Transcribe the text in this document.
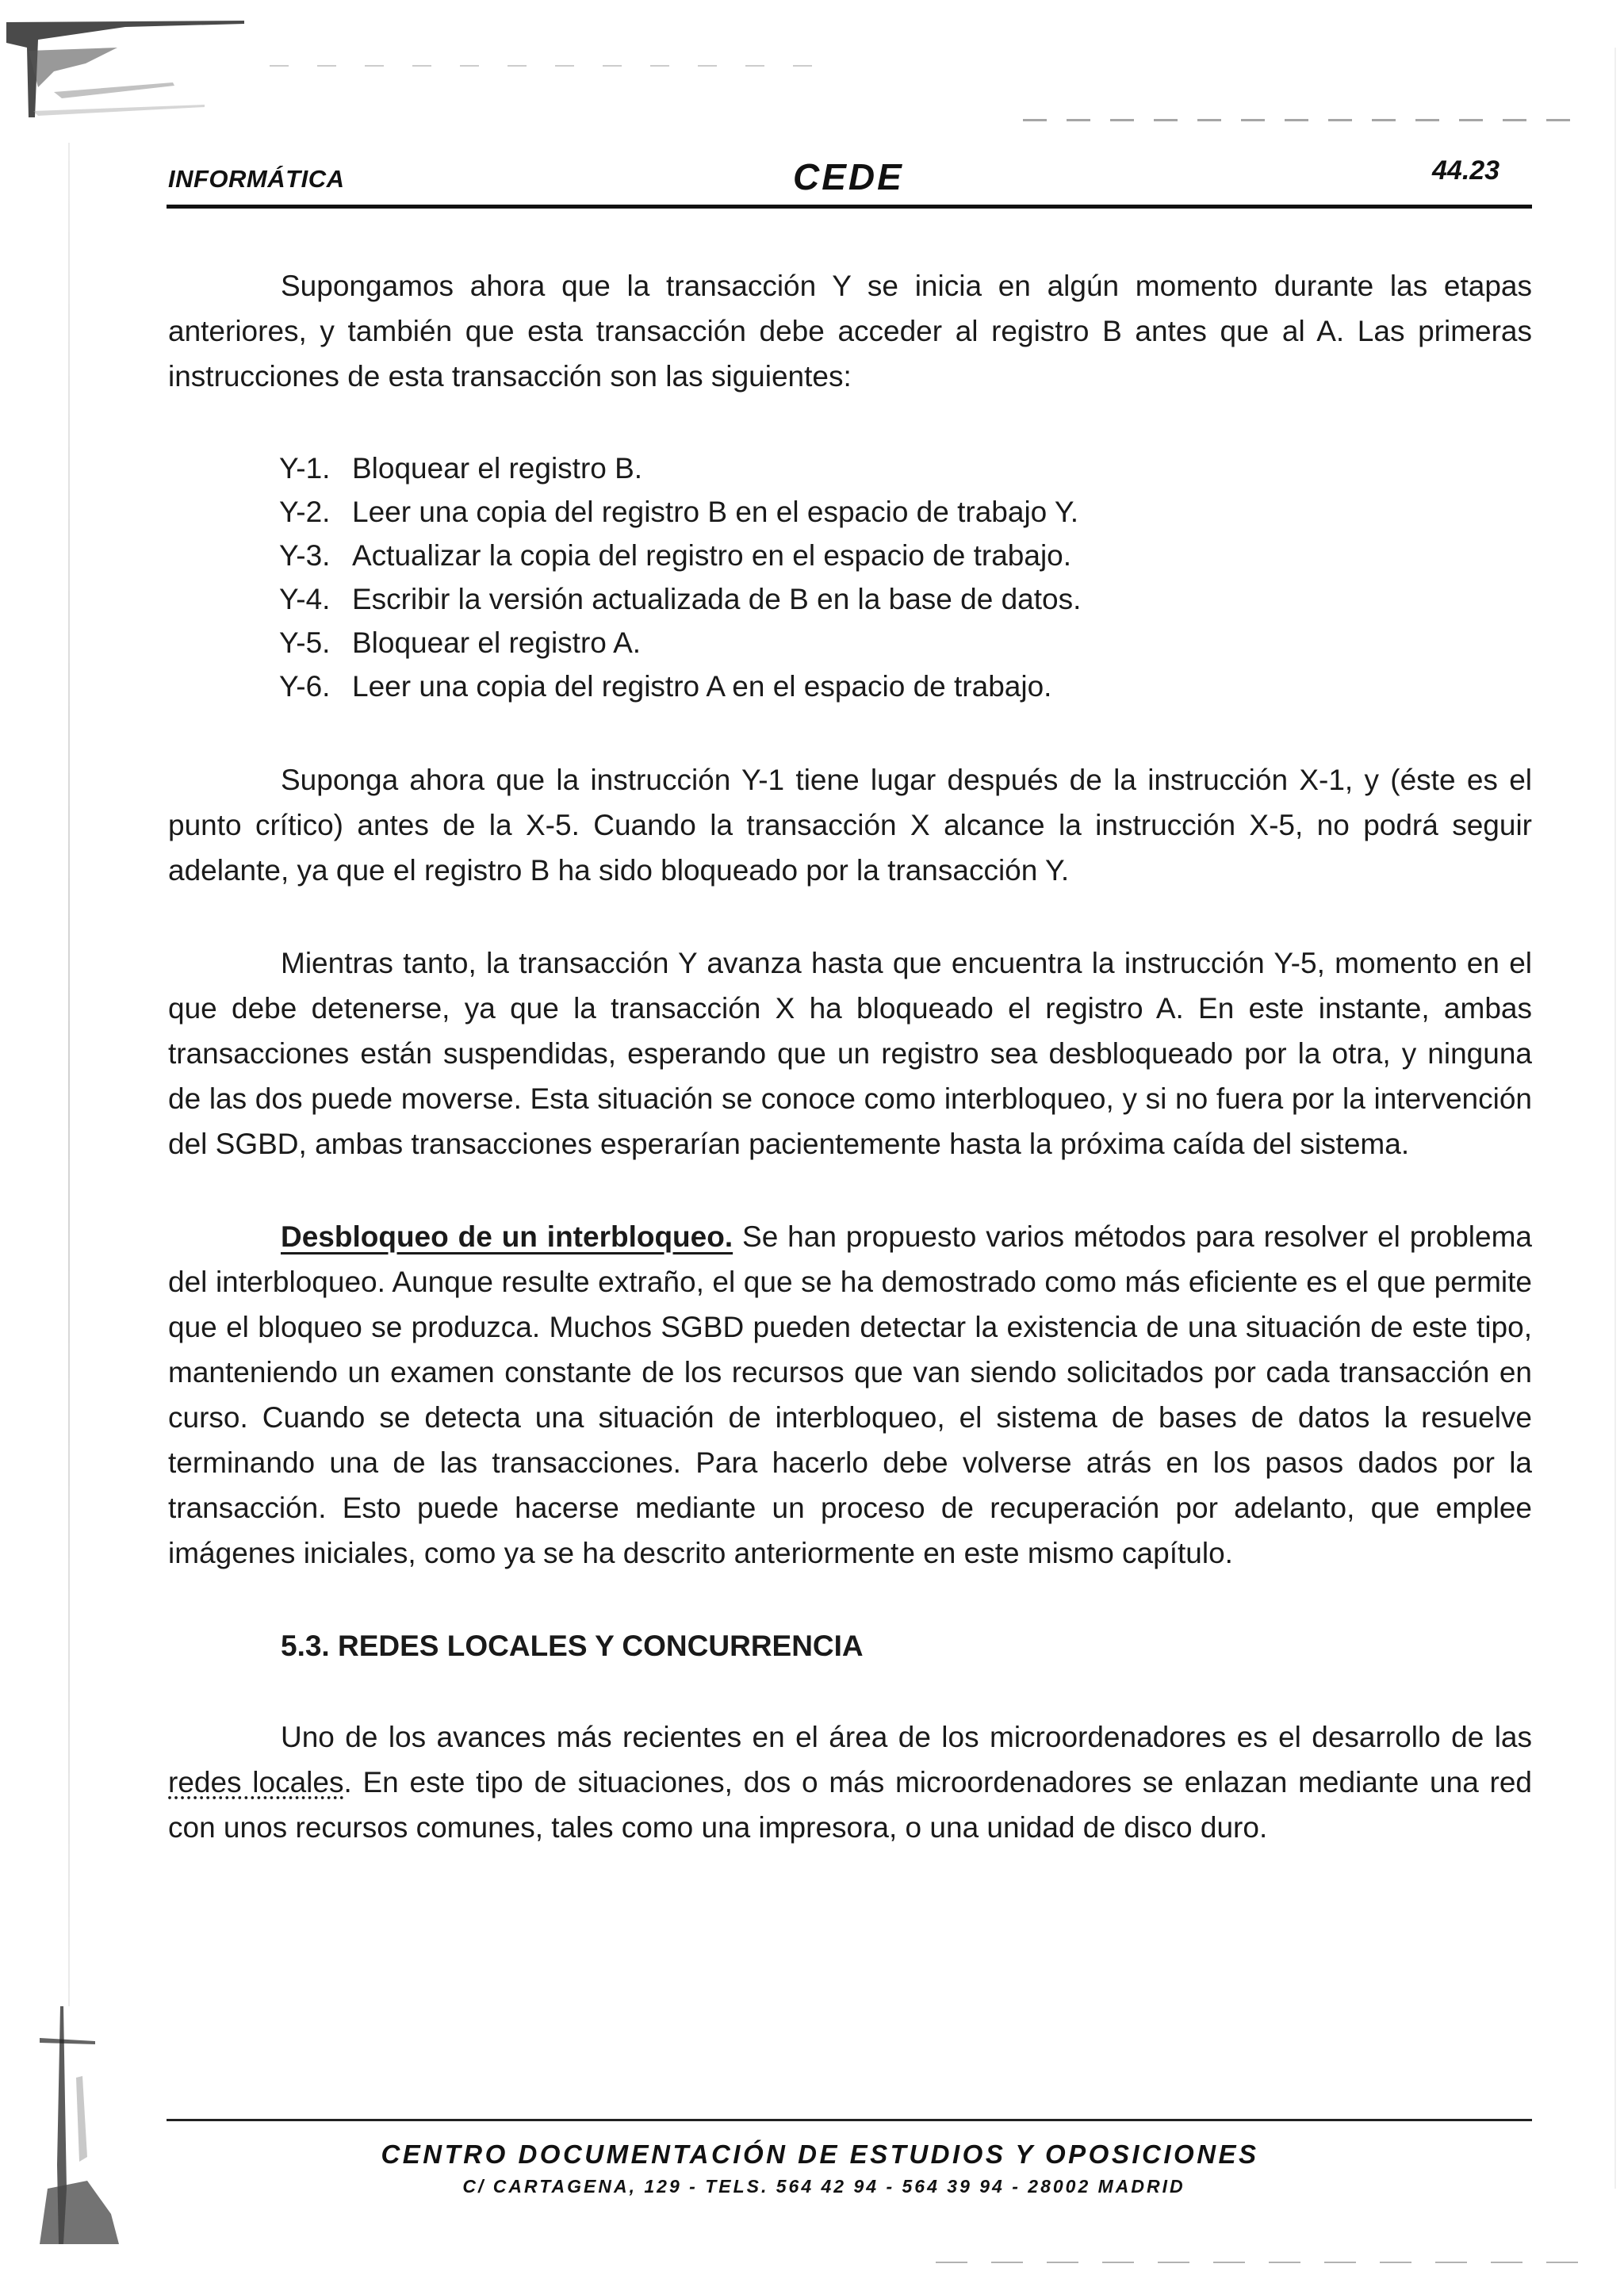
INFORMÁTICA	CEDE	44.23

Supongamos ahora que la transacción Y se inicia en algún momento durante las etapas anteriores, y también que esta transacción debe acceder al registro B antes que al A. Las primeras instrucciones de esta transacción son las siguientes:

Y-1. Bloquear el registro B.
Y-2. Leer una copia del registro B en el espacio de trabajo Y.
Y-3. Actualizar la copia del registro en el espacio de trabajo.
Y-4. Escribir la versión actualizada de B en la base de datos.
Y-5. Bloquear el registro A.
Y-6. Leer una copia del registro A en el espacio de trabajo.

Suponga ahora que la instrucción Y-1 tiene lugar después de la instrucción X-1, y (éste es el punto crítico) antes de la X-5. Cuando la transacción X alcance la instrucción X-5, no podrá seguir adelante, ya que el registro B ha sido bloqueado por la transacción Y.

Mientras tanto, la transacción Y avanza hasta que encuentra la instrucción Y-5, momento en el que debe detenerse, ya que la transacción X ha bloqueado el registro A. En este instante, ambas transacciones están suspendidas, esperando que un registro sea desbloqueado por la otra, y ninguna de las dos puede moverse. Esta situación se conoce como interbloqueo, y si no fuera por la intervención del SGBD, ambas transacciones esperarían pacientemente hasta la próxima caída del sistema.

Desbloqueo de un interbloqueo. Se han propuesto varios métodos para resolver el problema del interbloqueo. Aunque resulte extraño, el que se ha demostrado como más eficiente es el que permite que el bloqueo se produzca. Muchos SGBD pueden detectar la existencia de una situación de este tipo, manteniendo un examen constante de los recursos que van siendo solicitados por cada transacción en curso. Cuando se detecta una situación de interbloqueo, el sistema de bases de datos la resuelve terminando una de las transacciones. Para hacerlo debe volverse atrás en los pasos dados por la transacción. Esto puede hacerse mediante un proceso de recuperación por adelanto, que emplee imágenes iniciales, como ya se ha descrito anteriormente en este mismo capítulo.

5.3. REDES LOCALES Y CONCURRENCIA

Uno de los avances más recientes en el área de los microordenadores es el desarrollo de las redes locales. En este tipo de situaciones, dos o más microordenadores se enlazan mediante una red con unos recursos comunes, tales como una impresora, o una unidad de disco duro.

CENTRO DOCUMENTACIÓN DE ESTUDIOS Y OPOSICIONES
C/ CARTAGENA, 129 - TELS. 564 42 94 - 564 39 94 - 28002 MADRID
